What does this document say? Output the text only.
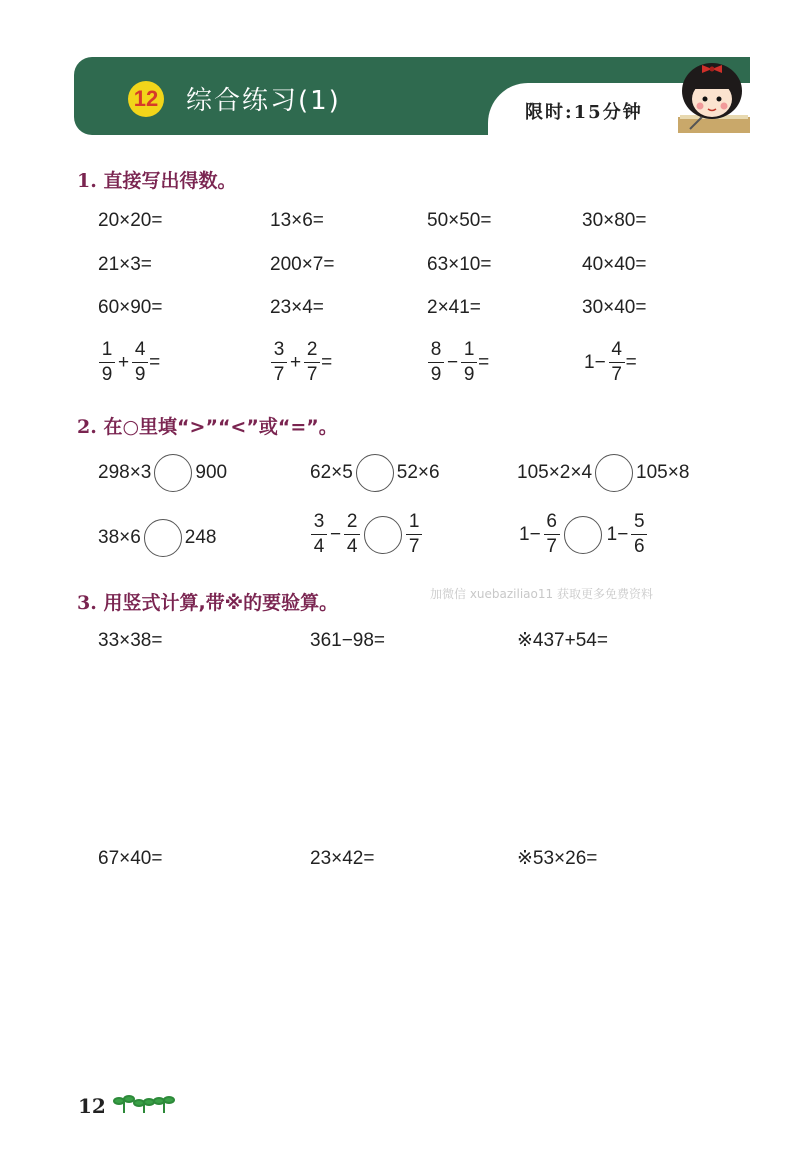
12 综合练习(1)	限时:15分钟
1. 直接写出得数。
20×20=	13×6=	50×50=	30×80=
21×3=	200×7=	63×10=	40×40=
60×90=	23×4=	2×41=	30×40=
$\frac{1}{9} + \frac{4}{9}$ =	$\frac{3}{7} + \frac{2}{7}$ =	$\frac{8}{9} - \frac{1}{9}$ =	$1- \frac{4}{7}$ =
2. 在○里填“>”“<”或“=”。
298×3 900	62×5 52×6	105×2×4 105×8
38×6 248	$\frac{3}{4} - \frac{2}{4} \frac{1}{7}$	$1- \frac{6}{7} 1- \frac{5}{6}$
3. 用竖式计算,带※的要验算。	加微信 xuebaziliao11 获取更多免费资料
33×38=	361−98=	※437+54=
67×40=	23×42=	※53×26=
12
